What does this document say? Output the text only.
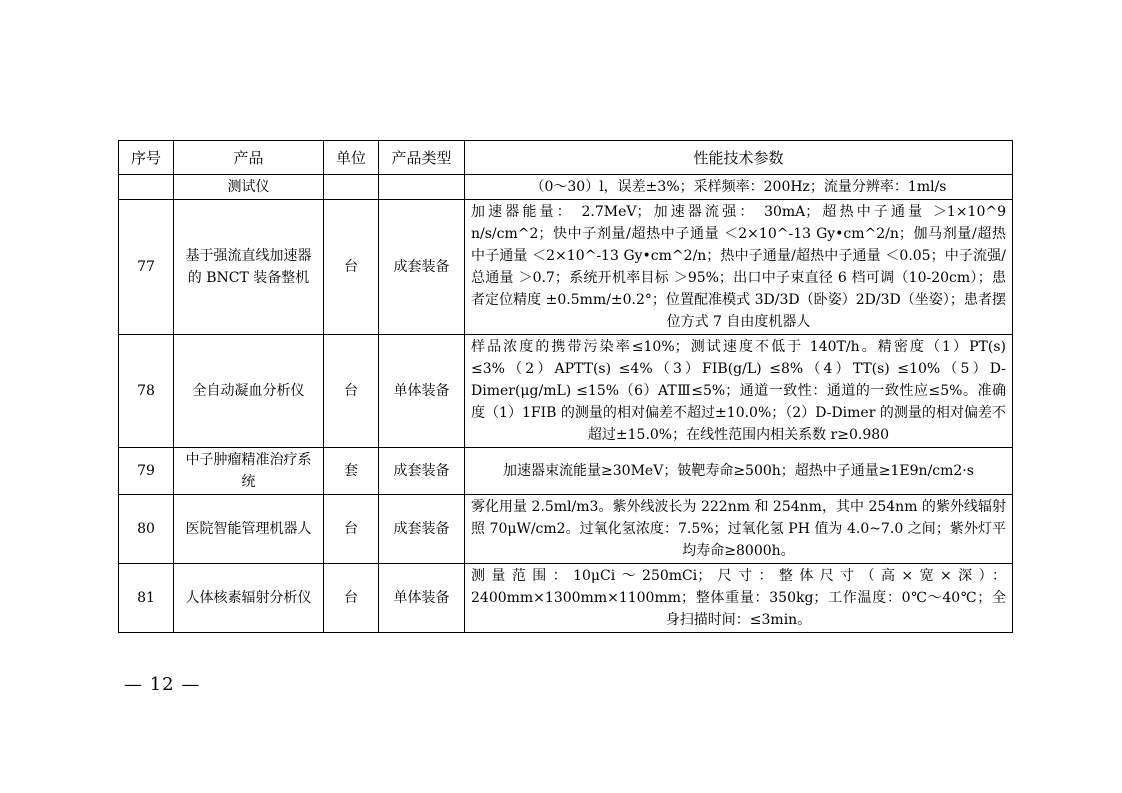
序号	产品	单位	产品类型	性能技术参数
	测试仪			（0～30）l，误差±3%；采样频率：200Hz；流量分辨率：1ml/s
77	基于强流直线加速器的 BNCT 装备整机	台	成套装备	加速器能量： 2.7MeV；加速器流强： 30mA；超热中子通量 ＞1×10^9 n/s/cm^2；快中子剂量/超热中子通量 ＜2×10^-13 Gy•cm^2/n；伽马剂量/超热中子通量 ＜2×10^-13 Gy•cm^2/n；热中子通量/超热中子通量 ＜0.05；中子流强/总通量 ＞0.7；系统开机率目标 ＞95%；出口中子束直径 6 档可调（10-20cm）；患者定位精度 ±0.5mm/±0.2°；位置配准模式 3D/3D（卧姿）2D/3D（坐姿）；患者摆位方式 7 自由度机器人
78	全自动凝血分析仪	台	单体装备	样品浓度的携带污染率≤10%；测试速度不低于 140T/h。精密度（1）PT(s) ≤3%（2）APTT(s) ≤4%（3）FIB(g/L) ≤8%（4）TT(s) ≤10%（5）D-Dimer(μg/mL) ≤15%（6）ATⅢ≤5%；通道一致性：通道的一致性应≤5%。准确度（1）1FIB 的测量的相对偏差不超过±10.0%；（2）D-Dimer 的测量的相对偏差不超过±15.0%；在线性范围内相关系数 r≥0.980
79	中子肿瘤精准治疗系统	套	成套装备	加速器束流能量≥30MeV；铍靶寿命≥500h；超热中子通量≥1E9n/cm2·s
80	医院智能管理机器人	台	成套装备	雾化用量 2.5ml/m3。紫外线波长为 222nm 和 254nm，其中 254nm 的紫外线辐射照 70μW/cm2。过氧化氢浓度：7.5%；过氧化氢 PH 值为 4.0~7.0 之间；紫外灯平均寿命≥8000h。
81	人体核素辐射分析仪	台	单体装备	测量范围：10μCi～250mCi；尺寸：整体尺寸（高×宽×深）：2400mm×1300mm×1100mm；整体重量：350kg；工作温度：0℃～40℃；全身扫描时间：≤3min。
— 12 —
